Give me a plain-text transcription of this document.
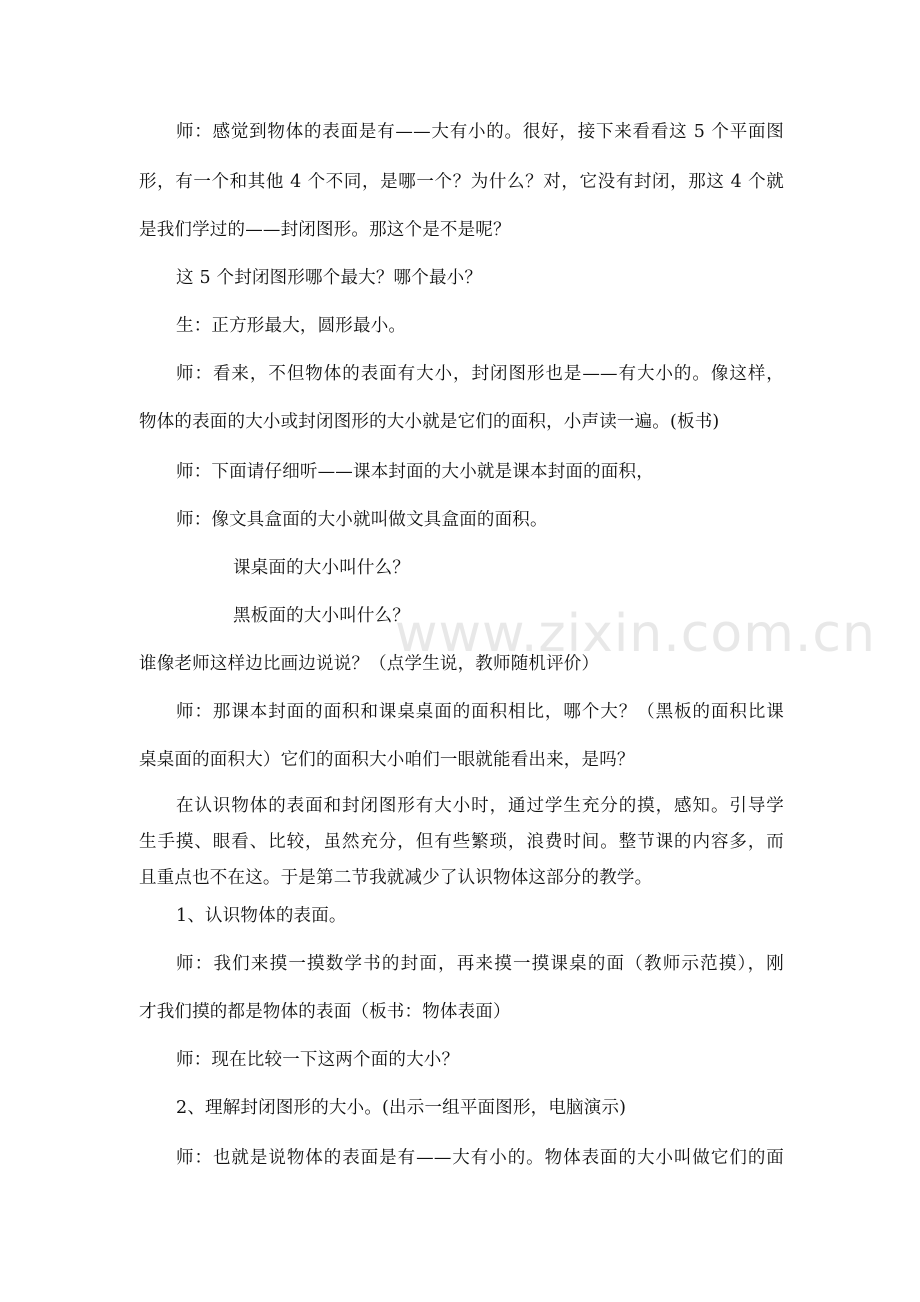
师：感觉到物体的表面是有——大有小的。很好，接下来看看这 5 个平面图
形，有一个和其他 4 个不同，是哪一个？为什么？对，它没有封闭，那这 4 个就
是我们学过的——封闭图形。那这个是不是呢？
这 5 个封闭图形哪个最大？哪个最小？
生：正方形最大，圆形最小。
师：看来，不但物体的表面有大小，封闭图形也是——有大小的。像这样，
物体的表面的大小或封闭图形的大小就是它们的面积，小声读一遍。(板书)
师：下面请仔细听——课本封面的大小就是课本封面的面积，
师：像文具盒面的大小就叫做文具盒面的面积。
课桌面的大小叫什么？
黑板面的大小叫什么？
谁像老师这样边比画边说说？（点学生说，教师随机评价）
师：那课本封面的面积和课桌桌面的面积相比，哪个大？（黑板的面积比课
桌桌面的面积大）它们的面积大小咱们一眼就能看出来，是吗？
在认识物体的表面和封闭图形有大小时，通过学生充分的摸，感知。引导学
生手摸、眼看、比较，虽然充分，但有些繁琐，浪费时间。整节课的内容多，而
且重点也不在这。于是第二节我就减少了认识物体这部分的教学。
1、认识物体的表面。
师：我们来摸一摸数学书的封面，再来摸一摸课桌的面（教师示范摸），刚
才我们摸的都是物体的表面（板书：物体表面）
师：现在比较一下这两个面的大小？
2、理解封闭图形的大小。(出示一组平面图形，电脑演示)
师：也就是说物体的表面是有——大有小的。物体表面的大小叫做它们的面
www.zixin.com.cn
